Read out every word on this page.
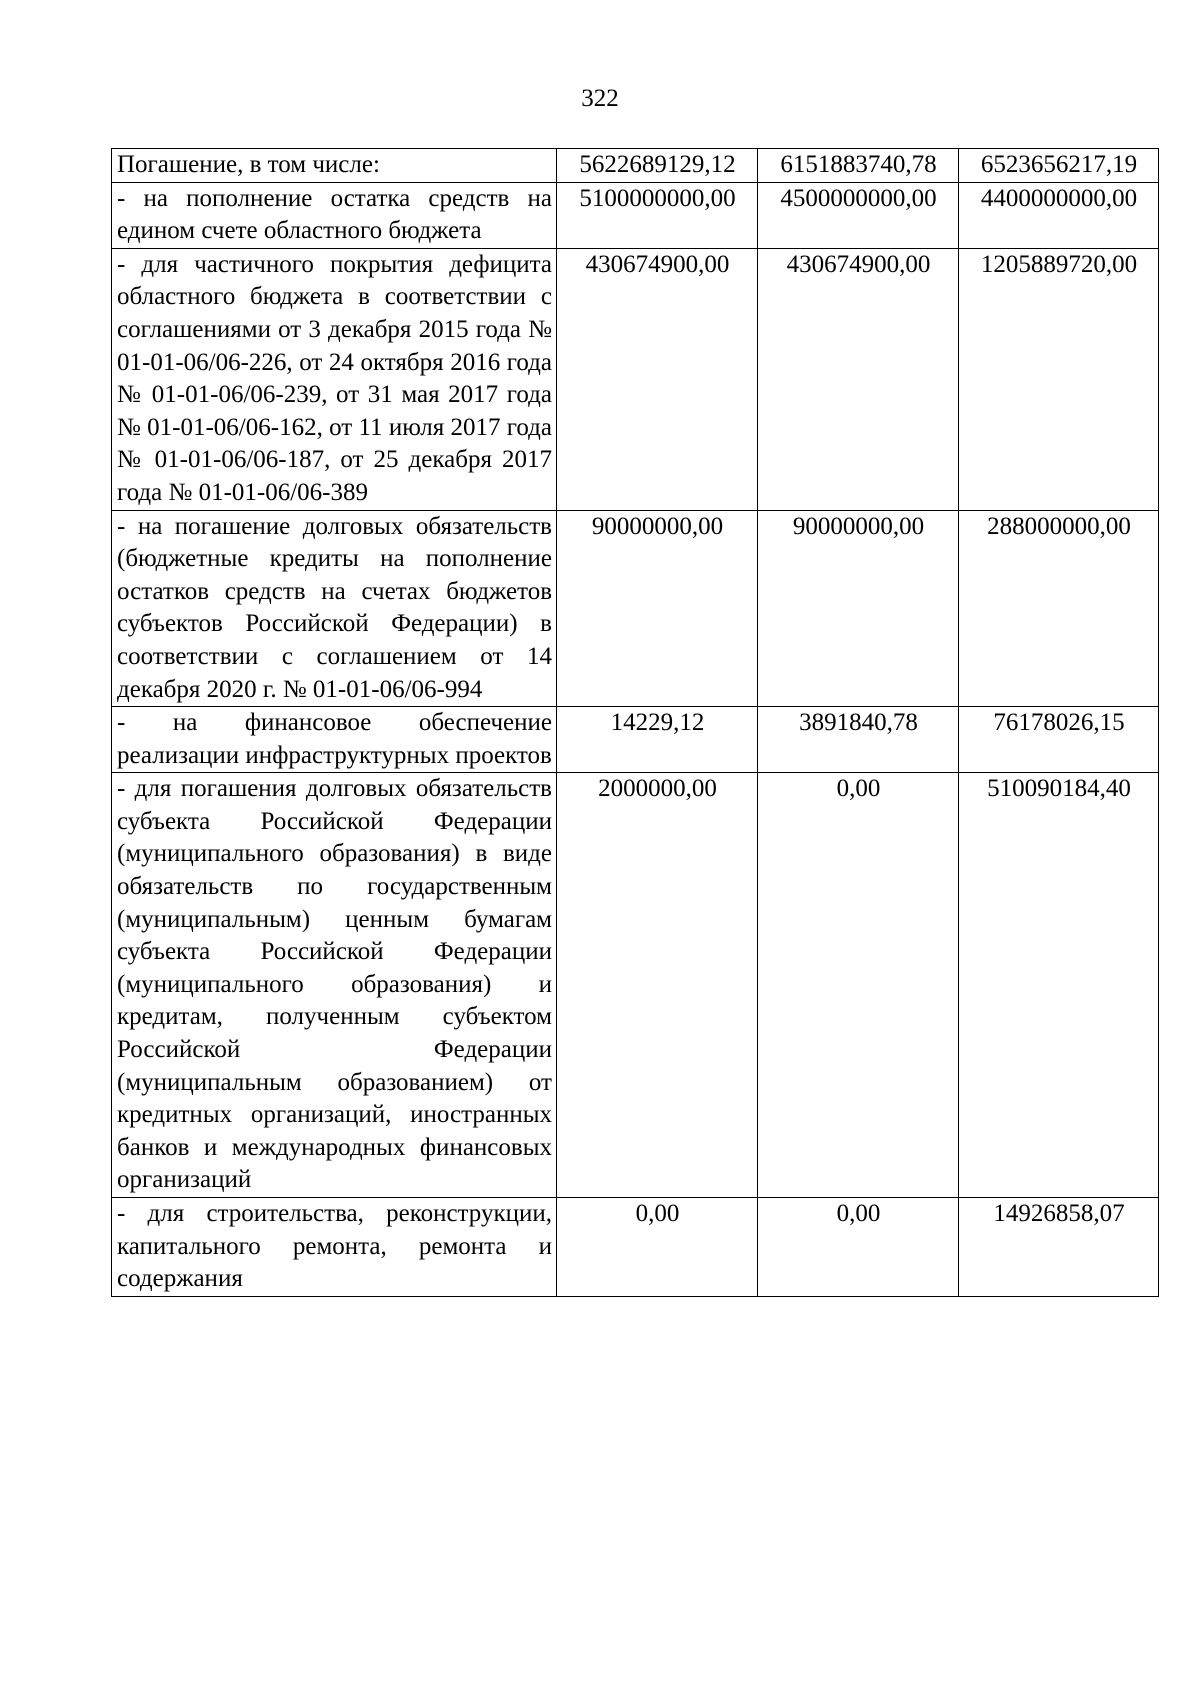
322
Погашение, в том числе:	5622689129,12	6151883740,78	6523656217,19
- на пополнение остатка средств на едином счете областного бюджета	5100000000,00	4500000000,00	4400000000,00
- для частичного покрытия дефицита областного бюджета в соответствии с соглашениями от 3 декабря 2015 года № 01-01-06/06-226, от 24 октября 2016 года № 01-01-06/06-239, от 31 мая 2017 года № 01-01-06/06-162, от 11 июля 2017 года № 01-01-06/06-187, от 25 декабря 2017 года № 01-01-06/06-389	430674900,00	430674900,00	1205889720,00
- на погашение долговых обязательств (бюджетные кредиты на пополнение остатков средств на счетах бюджетов субъектов Российской Федерации) в соответствии с соглашением от 14 декабря 2020 г. № 01-01-06/06-994	90000000,00	90000000,00	288000000,00
- на финансовое обеспечение реализации инфраструктурных проектов	14229,12	3891840,78	76178026,15
- для погашения долговых обязательств субъекта Российской Федерации (муниципального образования) в виде обязательств по государственным (муниципальным) ценным бумагам субъекта Российской Федерации (муниципального образования) и кредитам, полученным субъектом Российской Федерации (муниципальным образованием) от кредитных организаций, иностранных банков и международных финансовых организаций	2000000,00	0,00	510090184,40
- для строительства, реконструкции, капитального ремонта, ремонта и содержания	0,00	0,00	14926858,07
